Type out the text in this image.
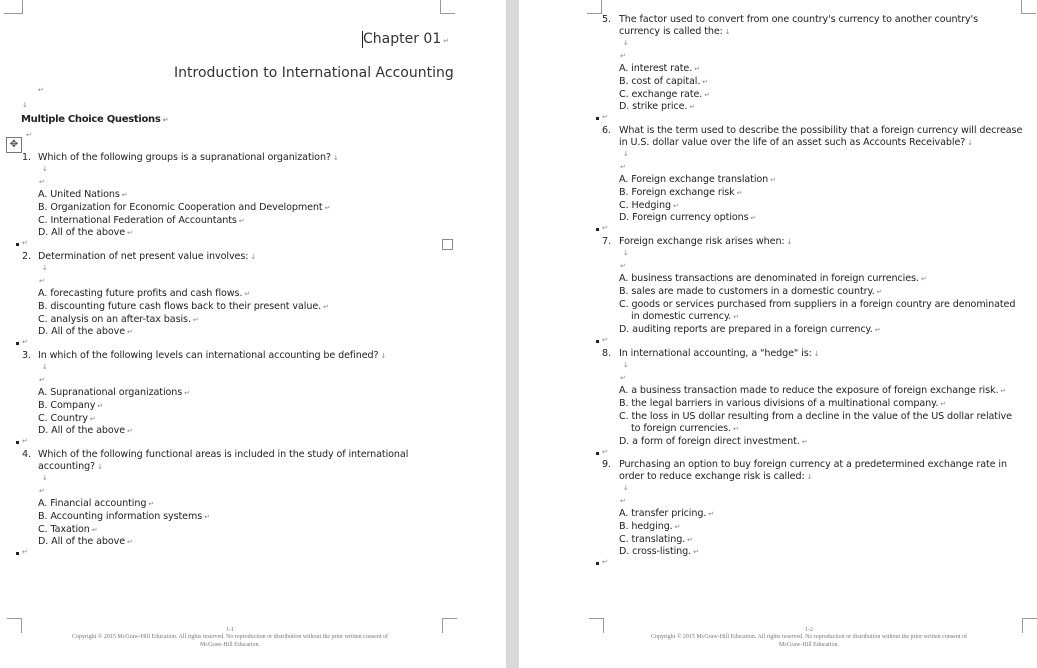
Chapter 01 ↵
Introduction to International Accounting
↵
↓
Multiple Choice Questions ↵
↵
✥
1. Which of the following groups is a supranational organization? ↓
↓
↵
A. United Nations ↵
B. Organization for Economic Cooperation and Development ↵
C. International Federation of Accountants ↵
D. All of the above ↵
↵
2. Determination of net present value involves: ↓
↓
↵
A. forecasting future profits and cash flows. ↵
B. discounting future cash flows back to their present value. ↵
C. analysis on an after-tax basis. ↵
D. All of the above ↵
↵
3. In which of the following levels can international accounting be defined? ↓
↓
↵
A. Supranational organizations ↵
B. Company ↵
C. Country ↵
D. All of the above ↵
↵
4. Which of the following functional areas is included in the study of international
accounting? ↓
↓
↵
A. Financial accounting ↵
B. Accounting information systems ↵
C. Taxation ↵
D. All of the above ↵
↵
1-1
Copyright © 2015 McGraw-Hill Education. All rights reserved. No reproduction or distribution without the prior written consent of
McGraw-Hill Education.
5. The factor used to convert from one country's currency to another country's
currency is called the: ↓
↓
↵
A. interest rate. ↵
B. cost of capital. ↵
C. exchange rate. ↵
D. strike price. ↵
↵
6. What is the term used to describe the possibility that a foreign currency will decrease
in U.S. dollar value over the life of an asset such as Accounts Receivable? ↓
↓
↵
A. Foreign exchange translation ↵
B. Foreign exchange risk ↵
C. Hedging ↵
D. Foreign currency options ↵
↵
7. Foreign exchange risk arises when: ↓
↓
↵
A. business transactions are denominated in foreign currencies. ↵
B. sales are made to customers in a domestic country. ↵
C. goods or services purchased from suppliers in a foreign country are denominated
in domestic currency. ↵
D. auditing reports are prepared in a foreign currency. ↵
↵
8. In international accounting, a "hedge" is: ↓
↓
↵
A. a business transaction made to reduce the exposure of foreign exchange risk. ↵
B. the legal barriers in various divisions of a multinational company. ↵
C. the loss in US dollar resulting from a decline in the value of the US dollar relative
to foreign currencies. ↵
D. a form of foreign direct investment. ↵
↵
9. Purchasing an option to buy foreign currency at a predetermined exchange rate in
order to reduce exchange risk is called: ↓
↓
↵
A. transfer pricing. ↵
B. hedging. ↵
C. translating. ↵
D. cross-listing. ↵
↵
1-2
Copyright © 2015 McGraw-Hill Education. All rights reserved. No reproduction or distribution without the prior written consent of
McGraw-Hill Education.
